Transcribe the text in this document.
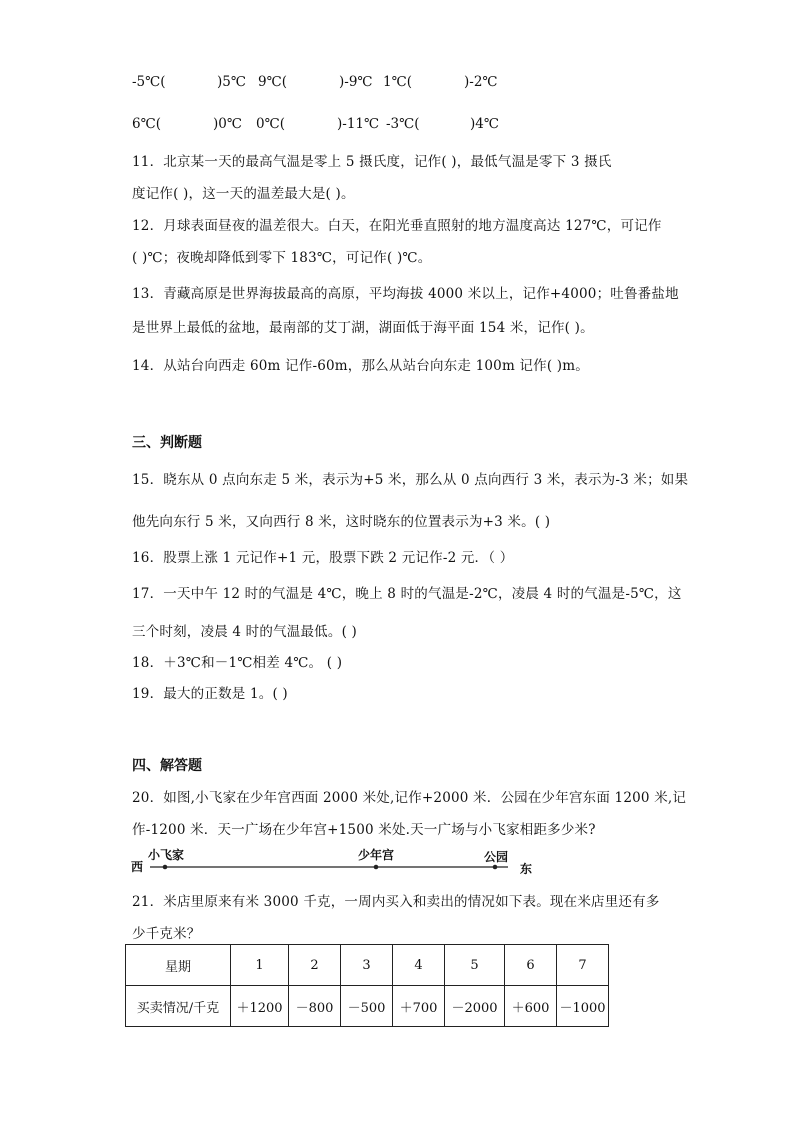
-5℃(	)5℃ 9℃(	)-9℃ 1℃(	)-2℃
6℃(	)0℃ 0℃(	)-11℃ -3℃(	)4℃
11．北京某一天的最高气温是零上 5 摄氏度，记作( )，最低气温是零下 3 摄氏
度记作( )，这一天的温差最大是( )。
12．月球表面昼夜的温差很大。白天，在阳光垂直照射的地方温度高达 127℃，可记作
( )℃；夜晚却降低到零下 183℃，可记作( )℃。
13．青藏高原是世界海拔最高的高原，平均海拔 4000 米以上，记作+4000；吐鲁番盐地
是世界上最低的盆地，最南部的艾丁湖，湖面低于海平面 154 米，记作( )。
14．从站台向西走 60m 记作-60m，那么从站台向东走 100m 记作( )m。
三、判断题
15．晓东从 0 点向东走 5 米，表示为+5 米，那么从 0 点向西行 3 米，表示为-3 米；如果
他先向东行 5 米，又向西行 8 米，这时晓东的位置表示为+3 米。( )
16．股票上涨 1 元记作+1 元，股票下跌 2 元记作-2 元．（ ）
17．一天中午 12 时的气温是 4℃，晚上 8 时的气温是-2℃，凌晨 4 时的气温是-5℃，这
三个时刻，凌晨 4 时的气温最低。( )
18．＋3℃和－1℃相差 4℃。 ( )
19．最大的正数是 1。( )
四、解答题
20．如图,小飞家在少年宫西面 2000 米处,记作+2000 米．公园在少年宫东面 1200 米,记
作-1200 米．天一广场在少年宫+1500 米处.天一广场与小飞家相距多少米?
西
小飞家	少年宫	公园
东
21．米店里原来有米 3000 千克，一周内买入和卖出的情况如下表。现在米店里还有多
少千克米？
星期	1	2	3	4	5	6	7
买卖情况/千克	＋1200	－800	－500	＋700	－2000	＋600	－1000
